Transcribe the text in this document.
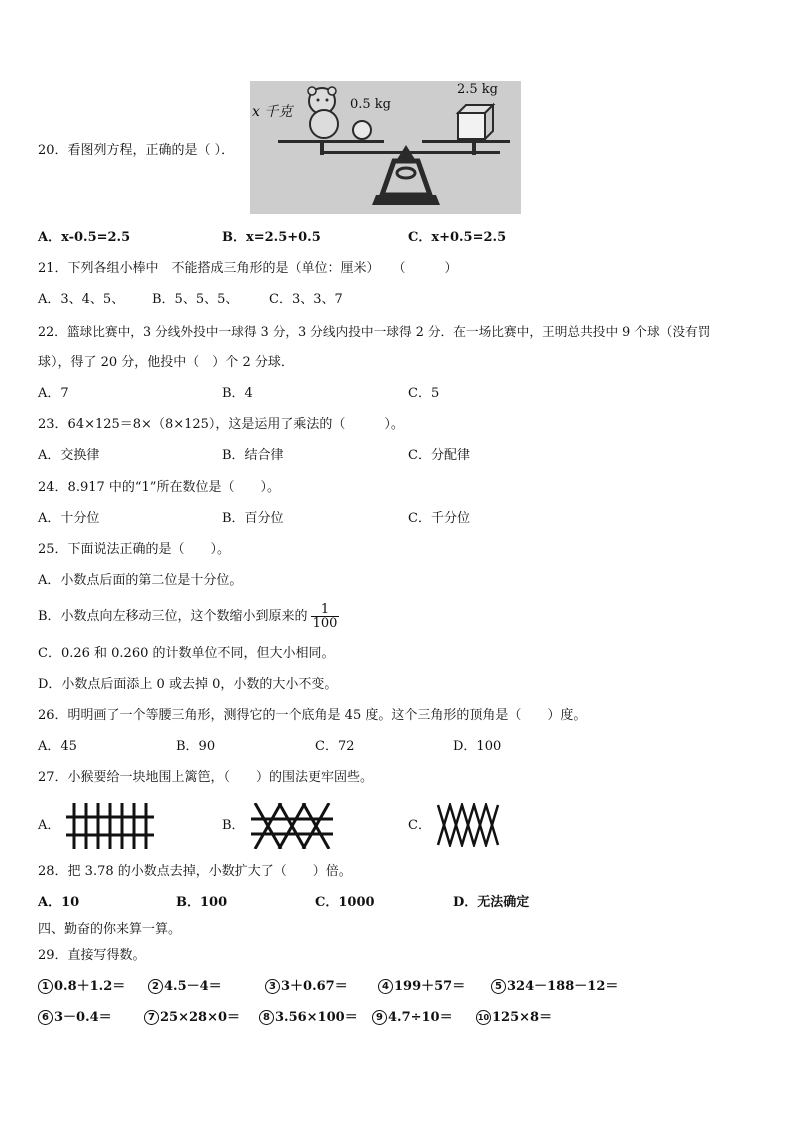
20．看图列方程，正确的是（ ）．
x 千克	0.5 kg
2.5 kg
A．x-0.5=2.5	B．x=2.5+0.5	C．x+0.5=2.5
21．下列各组小棒中　不能搭成三角形的是（单位：厘米）　　（　　　）
A．3、4、5、 B．5、5、5、 C．3、3、7
22．篮球比赛中，3 分线外投中一球得 3 分，3 分线内投中一球得 2 分．在一场比赛中，王明总共投中 9 个球（没有罚
球），得了 20 分，他投中（　）个 2 分球．
A．7	B．4	C．5
23．64×125＝8×（8×125），这是运用了乘法的（　　　）。
A．交换律	B．结合律	C．分配律
24．8.917 中的“1”所在数位是（　　）。
A．十分位	B．百分位	C．千分位
25．下面说法正确的是（　　）。
A．小数点后面的第二位是十分位。
B．小数点向左移动三位，这个数缩小到原来的 $\frac{1}{100}$
C．0.26 和 0.260 的计数单位不同，但大小相同。
D．小数点后面添上 0 或去掉 0，小数的大小不变。
26．明明画了一个等腰三角形，测得它的一个底角是 45 度。这个三角形的顶角是（　　）度。
A．45	B．90	C．72	D．100
27．小猴要给一块地围上篱笆，（　　）的围法更牢固些。
A．	B．	C．
28．把 3.78 的小数点去掉，小数扩大了（　　）倍。
A．10	B．100	C．1000	D．无法确定
四、勤奋的你来算一算。
29．直接写得数。
1 0.8＋1.2＝	2 4.5－4＝	3 3＋0.67＝	4 199＋57＝	5 324－188－12＝
6 3－0.4＝	7 25×28×0＝	8 3.56×100＝	9 4.7÷10＝	10 125×8＝
